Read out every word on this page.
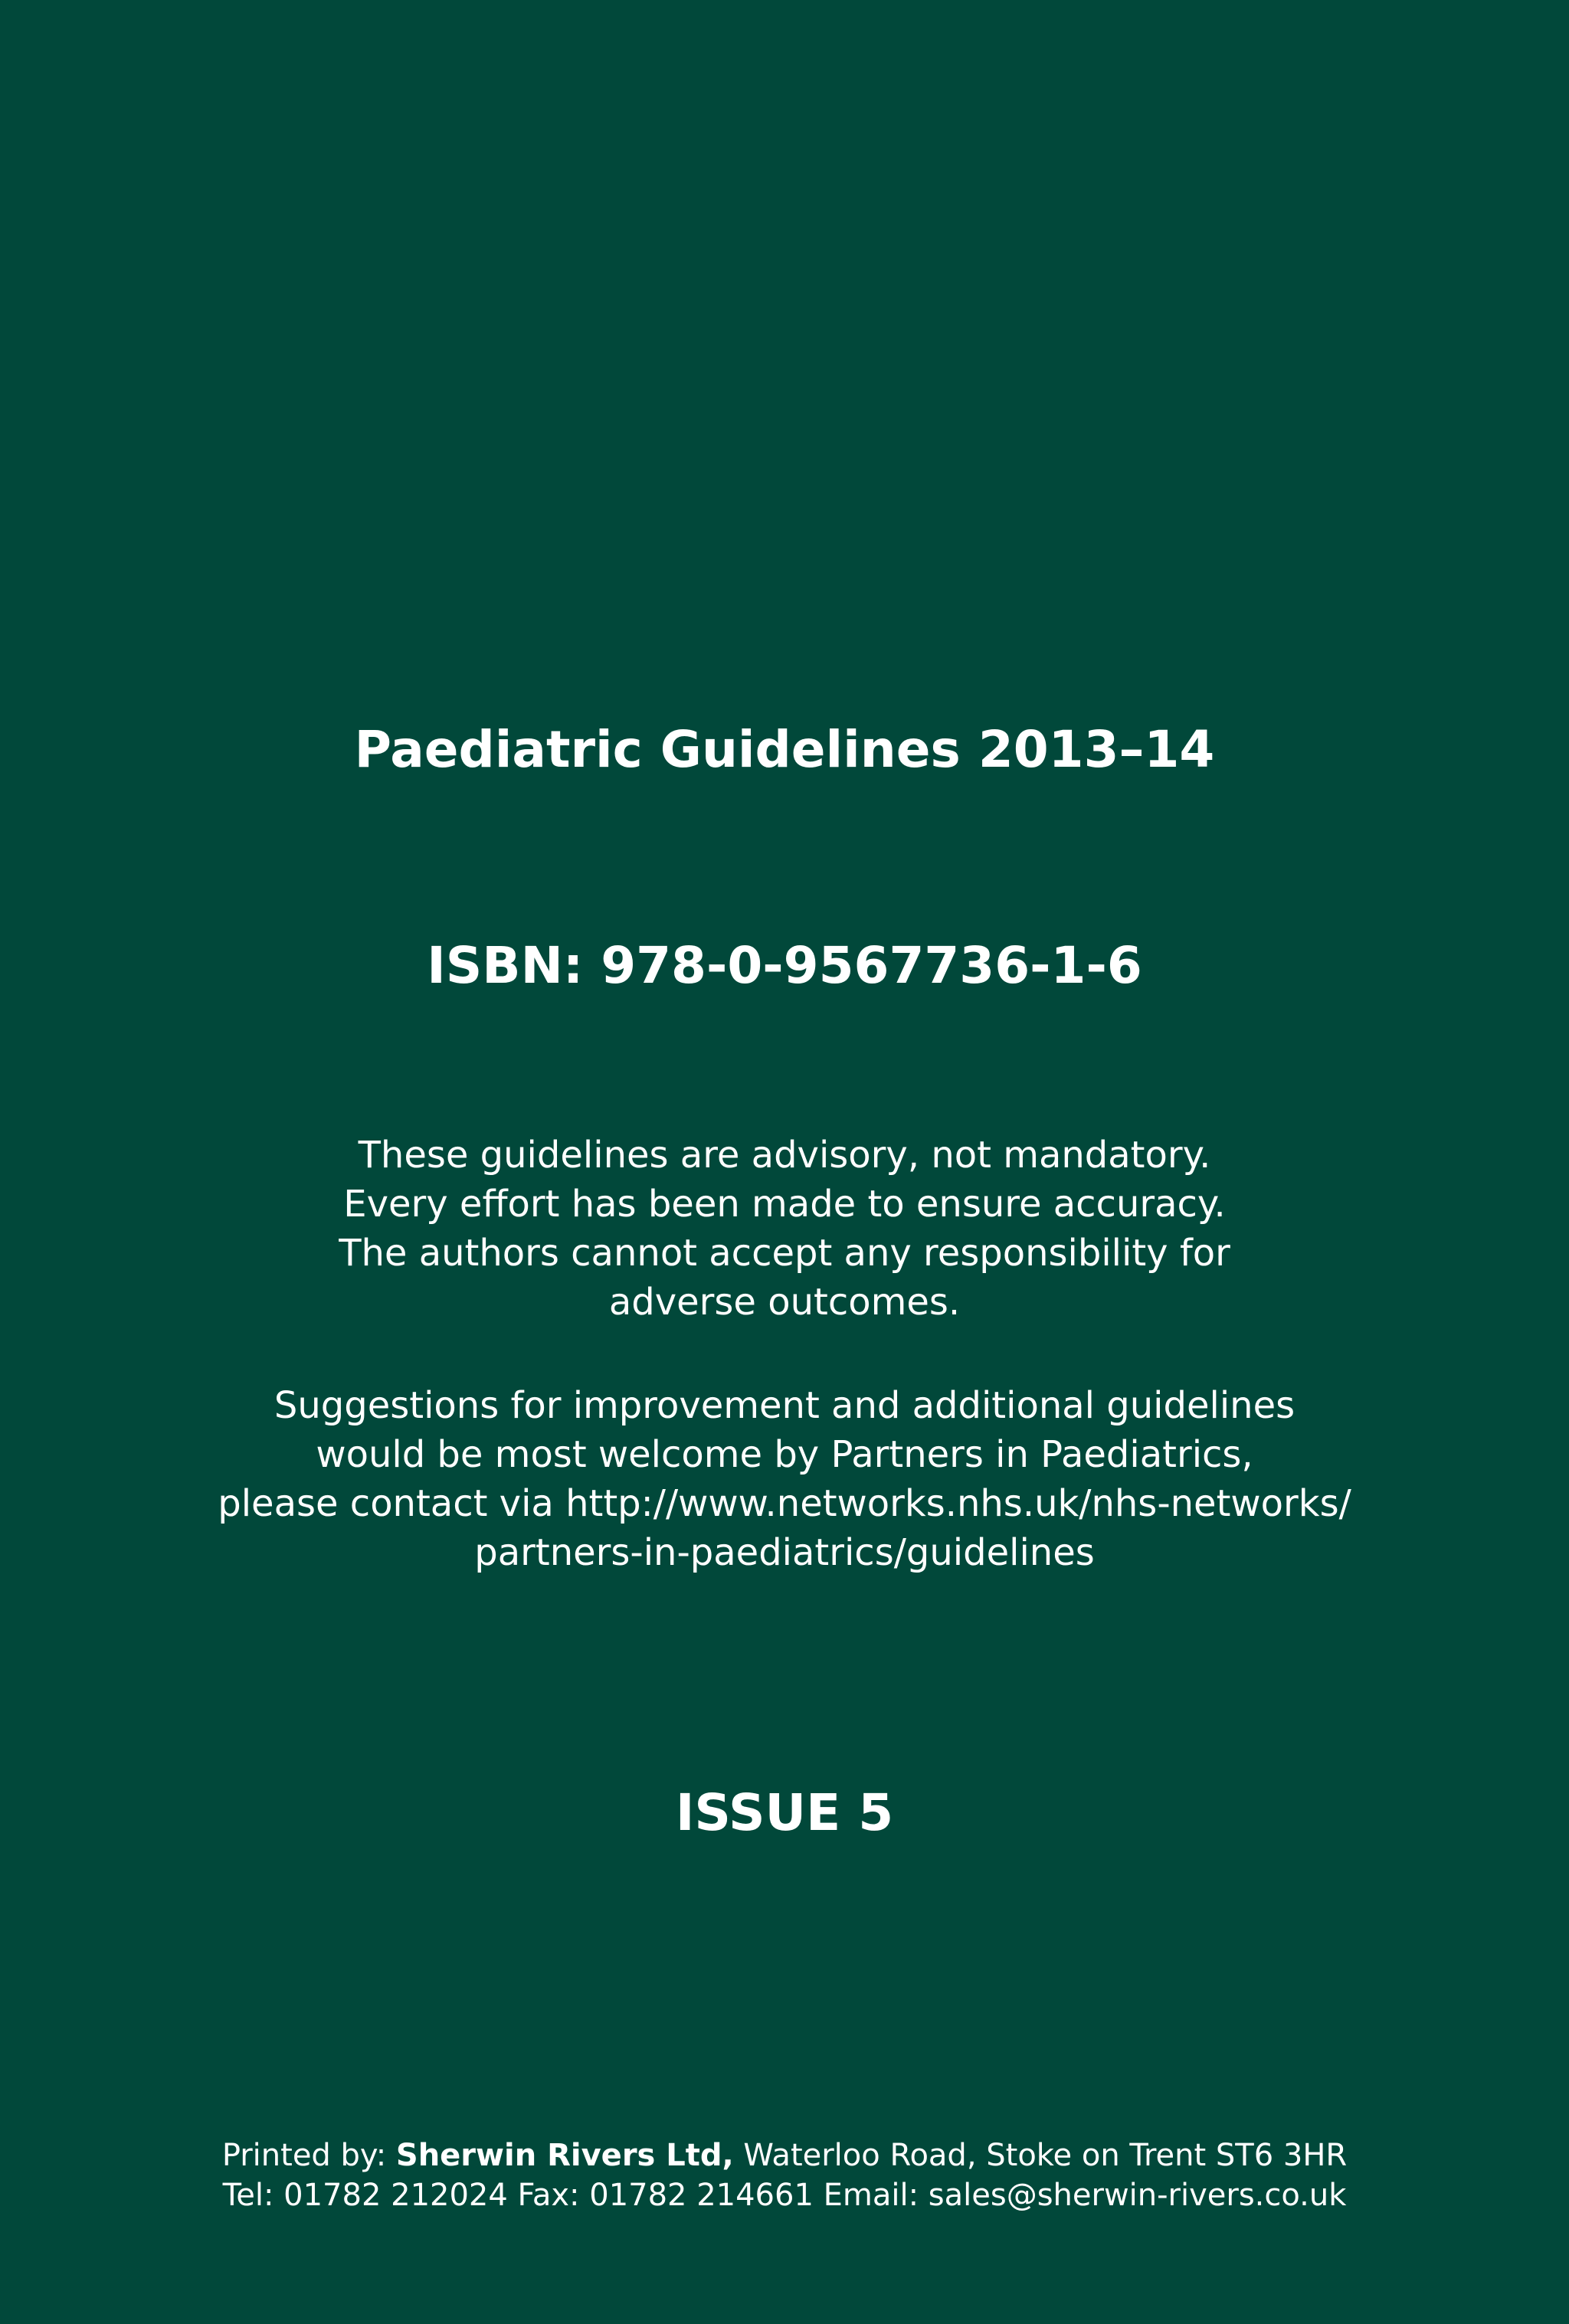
Paediatric Guidelines 2013–14
ISBN: 978-0-9567736-1-6
These guidelines are advisory, not mandatory.
Every effort has been made to ensure accuracy.
The authors cannot accept any responsibility for
adverse outcomes.
Suggestions for improvement and additional guidelines
would be most welcome by Partners in Paediatrics,
please contact via http://www.networks.nhs.uk/nhs-networks/
partners-in-paediatrics/guidelines
ISSUE 5
Printed by: Sherwin Rivers Ltd, Waterloo Road, Stoke on Trent ST6 3HR
Tel: 01782 212024 Fax: 01782 214661 Email: sales@sherwin-rivers.co.uk
